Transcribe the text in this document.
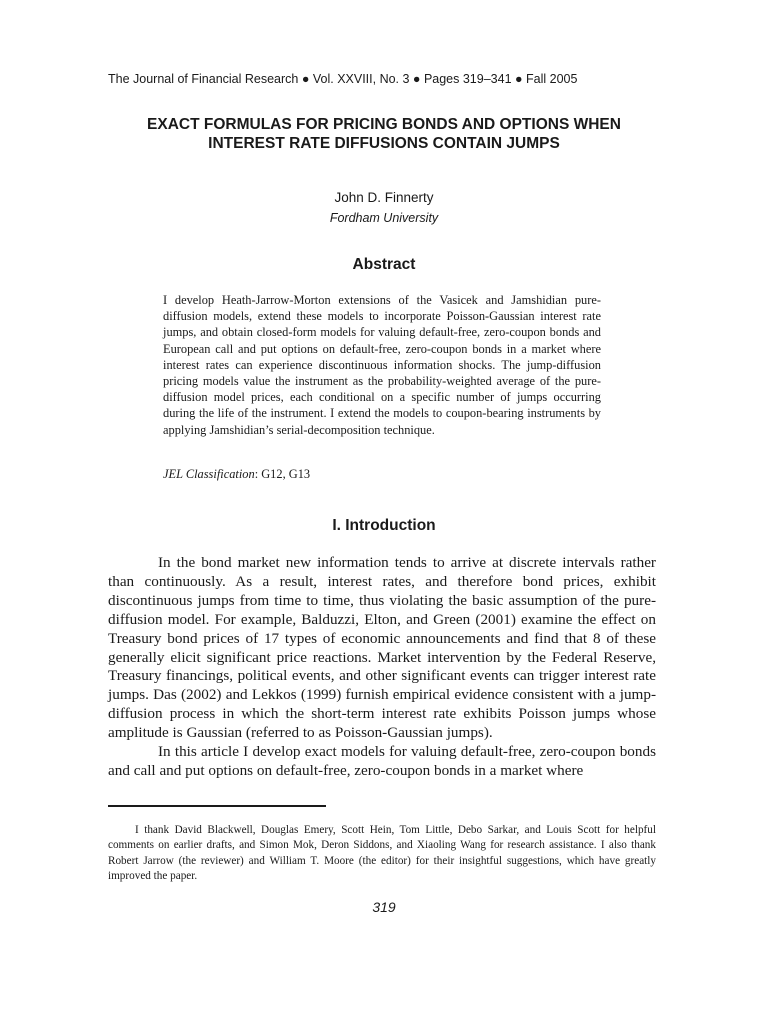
The Journal of Financial Research ● Vol. XXVIII, No. 3 ● Pages 319–341 ● Fall 2005
EXACT FORMULAS FOR PRICING BONDS AND OPTIONS WHEN
INTEREST RATE DIFFUSIONS CONTAIN JUMPS
John D. Finnerty
Fordham University
Abstract

I develop Heath-Jarrow-Morton extensions of the Vasicek and Jamshidian pure-diffusion models, extend these models to incorporate Poisson-Gaussian interest rate jumps, and obtain closed-form models for valuing default-free, zero-coupon bonds and European call and put options on default-free, zero-coupon bonds in a market where interest rates can experience discontinuous information shocks. The jump-diffusion pricing models value the instrument as the probability-weighted average of the pure-diffusion model prices, each conditional on a specific number of jumps occurring during the life of the instrument. I extend the models to coupon-bearing instruments by applying Jamshidian’s serial-decomposition technique.

JEL Classification: G12, G13
I. Introduction

In the bond market new information tends to arrive at discrete intervals rather than continuously. As a result, interest rates, and therefore bond prices, exhibit discontinuous jumps from time to time, thus violating the basic assumption of the pure-diffusion model. For example, Balduzzi, Elton, and Green (2001) examine the effect on Treasury bond prices of 17 types of economic announcements and find that 8 of these generally elicit significant price reactions. Market intervention by the Federal Reserve, Treasury financings, political events, and other significant events can trigger interest rate jumps. Das (2002) and Lekkos (1999) furnish empirical evidence consistent with a jump-diffusion process in which the short-term interest rate exhibits Poisson jumps whose amplitude is Gaussian (referred to as Poisson-Gaussian jumps).

In this article I develop exact models for valuing default-free, zero-coupon bonds and call and put options on default-free, zero-coupon bonds in a market where

I thank David Blackwell, Douglas Emery, Scott Hein, Tom Little, Debo Sarkar, and Louis Scott for helpful comments on earlier drafts, and Simon Mok, Deron Siddons, and Xiaoling Wang for research assistance. I also thank Robert Jarrow (the reviewer) and William T. Moore (the editor) for their insightful suggestions, which have greatly improved the paper.

319
